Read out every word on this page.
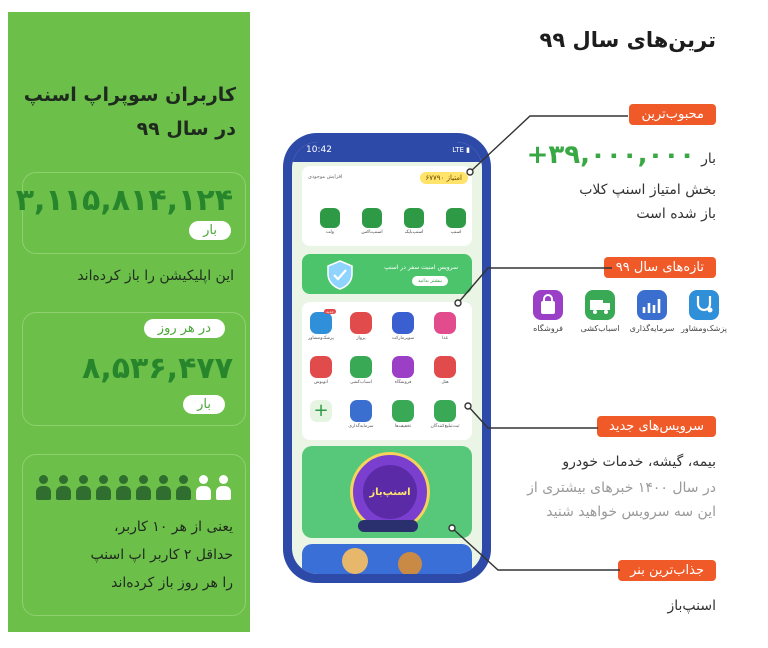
کاربران سوپراپ اسنپ
در سال ۹۹
۳,۱۱۵,۸۱۴,۱۲۴
بار
این اپلیکیشن را باز کرده‌اند
در هر روز
۸,۵۳۶,۴۷۷
بار
یعنی از هر ۱۰ کاربر،
حداقل ۲ کاربر اپ اسنپ
را هر روز باز کرده‌اند
10:42	LTE ▮
افزایش موجودی	۶۷۷۹۰ امتیاز
اسنپ
اسنپ‌بایک
اسنپ‌باکس
ولت
سرویس امنیت سفر در اسنپ
بیشتر بدانید
غذا
سوپرمارکت
پرواز
پزشک‌ومشاور
جدید
هتل
فروشگاه
اسباب‌کشی
اتوبوس
ثبت‌تبلیغ‌کنندگان
تخفیف‌ها
سرمایه‌گذاری
+
اسنپ‌باز
ترین‌های سال ۹۹
محبوب‌ترین
+۳۹,۰۰۰,۰۰۰ بار
بخش امتیاز اسنپ کلاب
باز شده است
تازه‌های سال ۹۹
پزشک‌ومشاور
سرمایه‌گذاری
اسباب‌کشی
فروشگاه
سرویس‌های جدید
بیمه، گیشه، خدمات خودرو
در سال ۱۴۰۰ خبرهای بیشتری از
این سه سرویس خواهید شنید
جذاب‌ترین بنر
اسنپ‌باز
